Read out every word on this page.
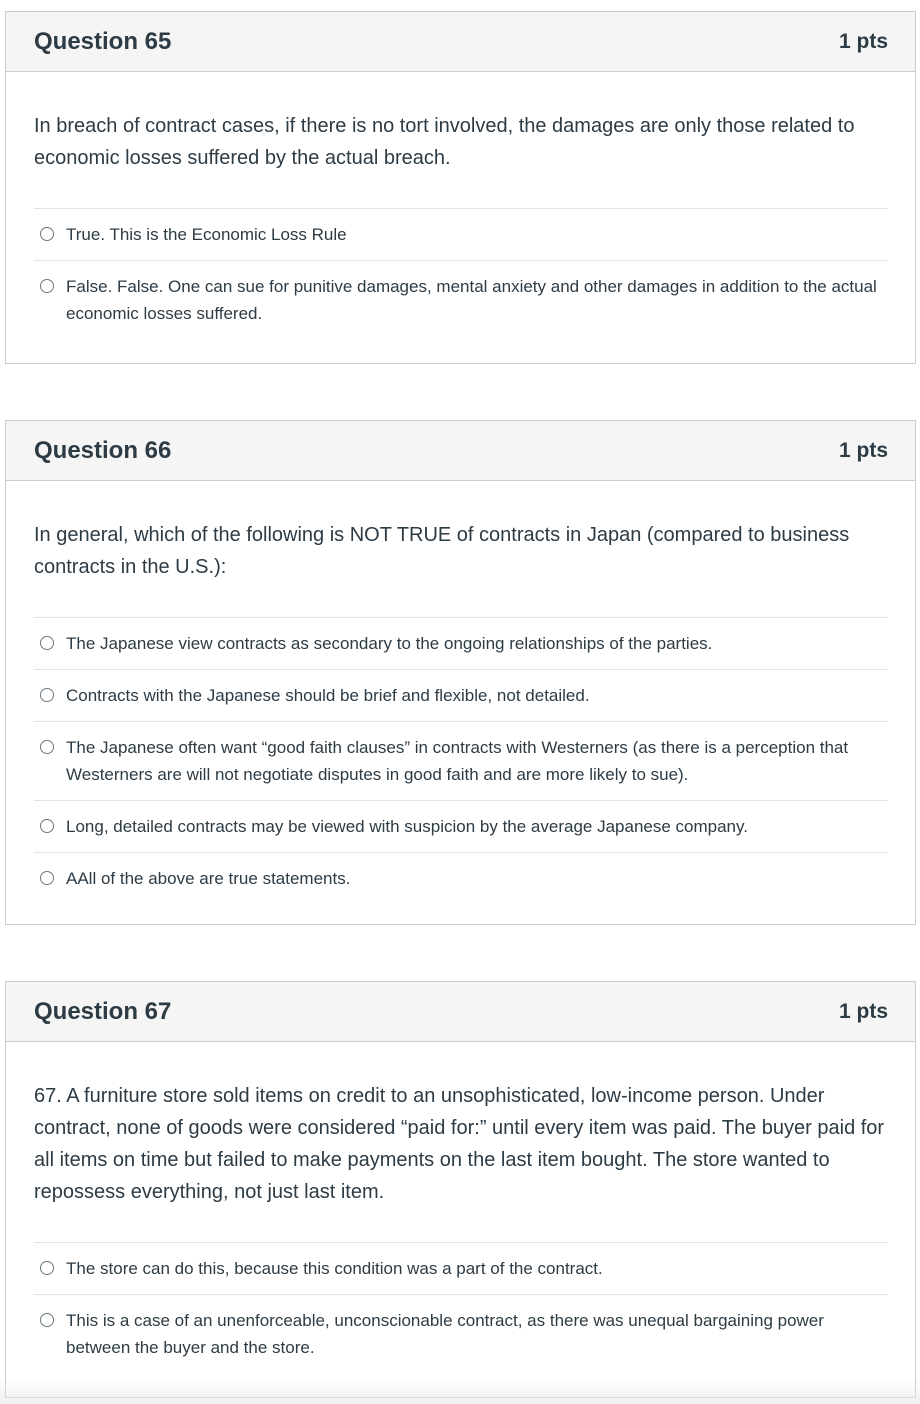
Question 65	1 pts

In breach of contract cases, if there is no tort involved, the damages are only those related to economic losses suffered by the actual breach.

True. This is the Economic Loss Rule
False. False. One can sue for punitive damages, mental anxiety and other damages in addition to the actual economic losses suffered.
Question 66	1 pts

In general, which of the following is NOT TRUE of contracts in Japan (compared to business contracts in the U.S.):

The Japanese view contracts as secondary to the ongoing relationships of the parties.
Contracts with the Japanese should be brief and flexible, not detailed.
The Japanese often want “good faith clauses” in contracts with Westerners (as there is a perception that Westerners are will not negotiate disputes in good faith and are more likely to sue).
Long, detailed contracts may be viewed with suspicion by the average Japanese company.
AAll of the above are true statements.
Question 67	1 pts

67. A furniture store sold items on credit to an unsophisticated, low-income person. Under contract, none of goods were considered “paid for:” until every item was paid. The buyer paid for all items on time but failed to make payments on the last item bought. The store wanted to repossess everything, not just last item.

The store can do this, because this condition was a part of the contract.
This is a case of an unenforceable, unconscionable contract, as there was unequal bargaining power between the buyer and the store.
